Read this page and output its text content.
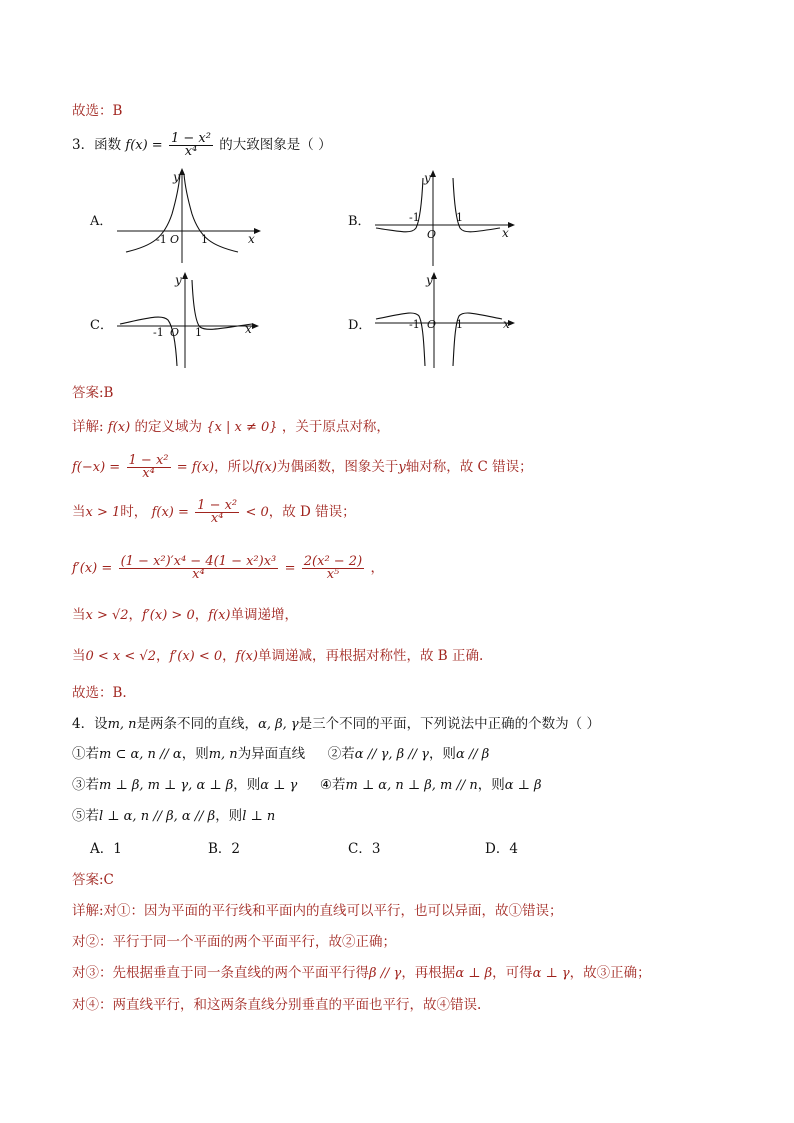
故选：B
3．函数 $f(x) = \frac{\text{1 − x²}}{\text{x⁴}}$ 的大致图象是（ ）
A．
-1 O 1	x
y
B．	-1
O
1
x
y
C．	-1 O 1	x
y
D．	-1 O 1	x
y
答案:B
详解: f(x) 的定义域为 {x | x ≠ 0} ，关于原点对称，
$f(-x) = \frac{\text{1 − x²}}{\text{x⁴}} = f(x)$，所以f(x)为偶函数，图象关于y轴对称，故 C 错误；
当x > 1时， $f(x) = \frac{\text{1 − x²}}{\text{x⁴}} < 0$，故 D 错误；
$f'(x) = \frac{\text{(1 − x²)′x⁴ − 4(1 − x²)x³}}{\text{x⁴}} = \frac{\text{2(x² − 2)}}{\text{x⁵}}$ ，
当x > √2，f′(x) > 0，f(x)单调递增，
当0 < x < √2，f′(x) < 0，f(x)单调递减，再根据对称性，故 B 正确.
故选：B.
4．设m, n是两条不同的直线，α, β, γ是三个不同的平面，下列说法中正确的个数为（ ）
①若m ⊂ α, n // α，则m, n为异面直线 ②若α // γ, β // γ，则α // β
③若m ⊥ β, m ⊥ γ, α ⊥ β，则α ⊥ γ ④若m ⊥ α, n ⊥ β, m // n，则α ⊥ β
⑤若l ⊥ α, n // β, α // β，则l ⊥ n
A．1	B．2	C．3	D．4
答案:C
详解:对①：因为平面的平行线和平面内的直线可以平行，也可以异面，故①错误；
对②：平行于同一个平面的两个平面平行，故②正确；
对③：先根据垂直于同一条直线的两个平面平行得β // γ，再根据α ⊥ β，可得α ⊥ γ，故③正确；
对④：两直线平行，和这两条直线分别垂直的平面也平行，故④错误.
